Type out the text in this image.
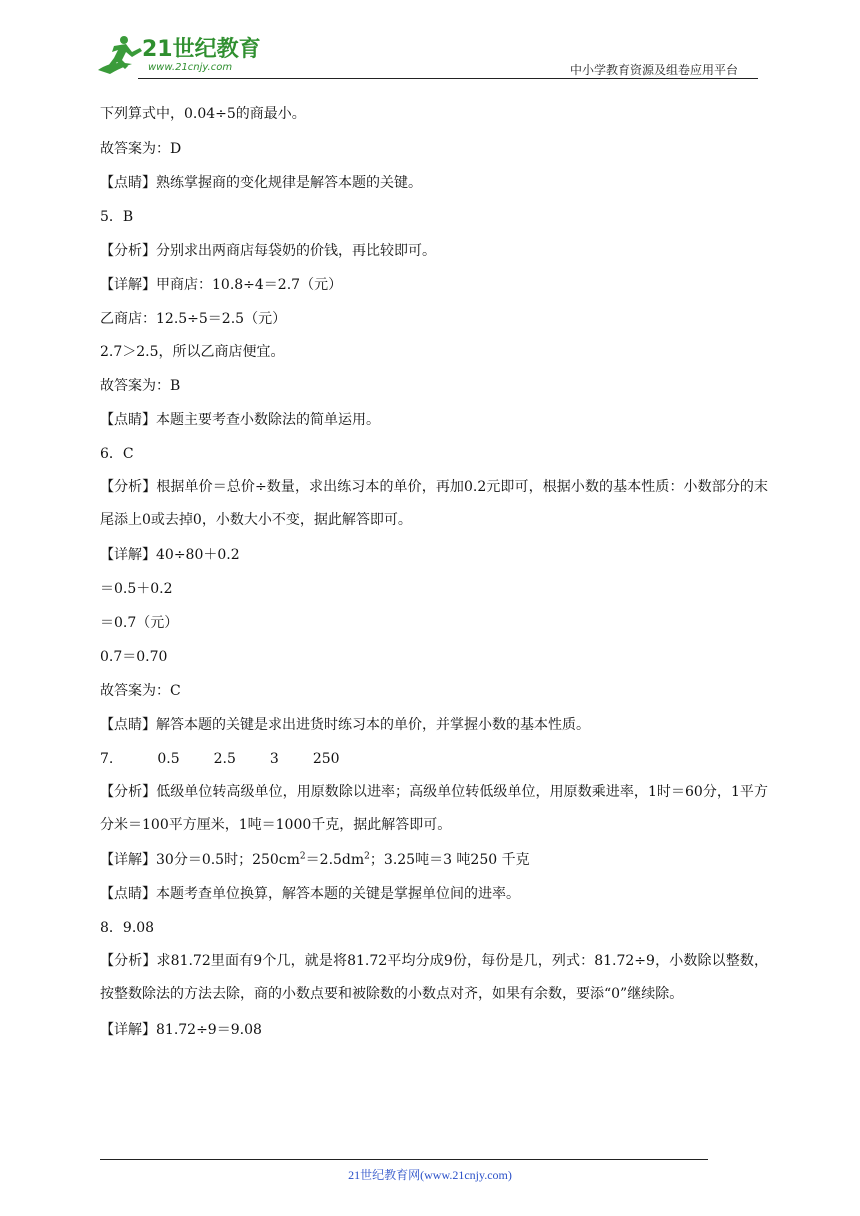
21世纪教育
www.21cnjy.com	中小学教育资源及组卷应用平台
下列算式中，0.04÷5的商最小。
故答案为：D
【点睛】熟练掌握商的变化规律是解答本题的关键。
5．B
【分析】分别求出两商店每袋奶的价钱，再比较即可。
【详解】甲商店：10.8÷4＝2.7（元）
乙商店：12.5÷5＝2.5（元）
2.7＞2.5，所以乙商店便宜。
故答案为：B
【点睛】本题主要考查小数除法的简单运用。
6．C
【分析】根据单价＝总价÷数量，求出练习本的单价，再加0.2元即可，根据小数的基本性质：小数部分的末尾添上0或去掉0，小数大小不变，据此解答即可。
【详解】40÷80＋0.2
＝0.5＋0.2
＝0.7（元）
0.7＝0.70
故答案为：C
【点睛】解答本题的关键是求出进货时练习本的单价，并掌握小数的基本性质。
7.	0.5 2.5 3 250
【分析】低级单位转高级单位，用原数除以进率；高级单位转低级单位，用原数乘进率，1时＝60分，1平方分米＝100平方厘米，1吨＝1000千克，据此解答即可。
【详解】30分＝0.5时；$250cm^2=2.5dm^2$；3.25吨＝3 吨250 千克
【点睛】本题考查单位换算，解答本题的关键是掌握单位间的进率。
8．9.08
【分析】求81.72里面有9个几，就是将81.72平均分成9份，每份是几，列式：81.72÷9，小数除以整数，按整数除法的方法去除，商的小数点要和被除数的小数点对齐，如果有余数，要添“0”继续除。
【详解】81.72÷9＝9.08
21世纪教育网(www.21cnjy.com)
